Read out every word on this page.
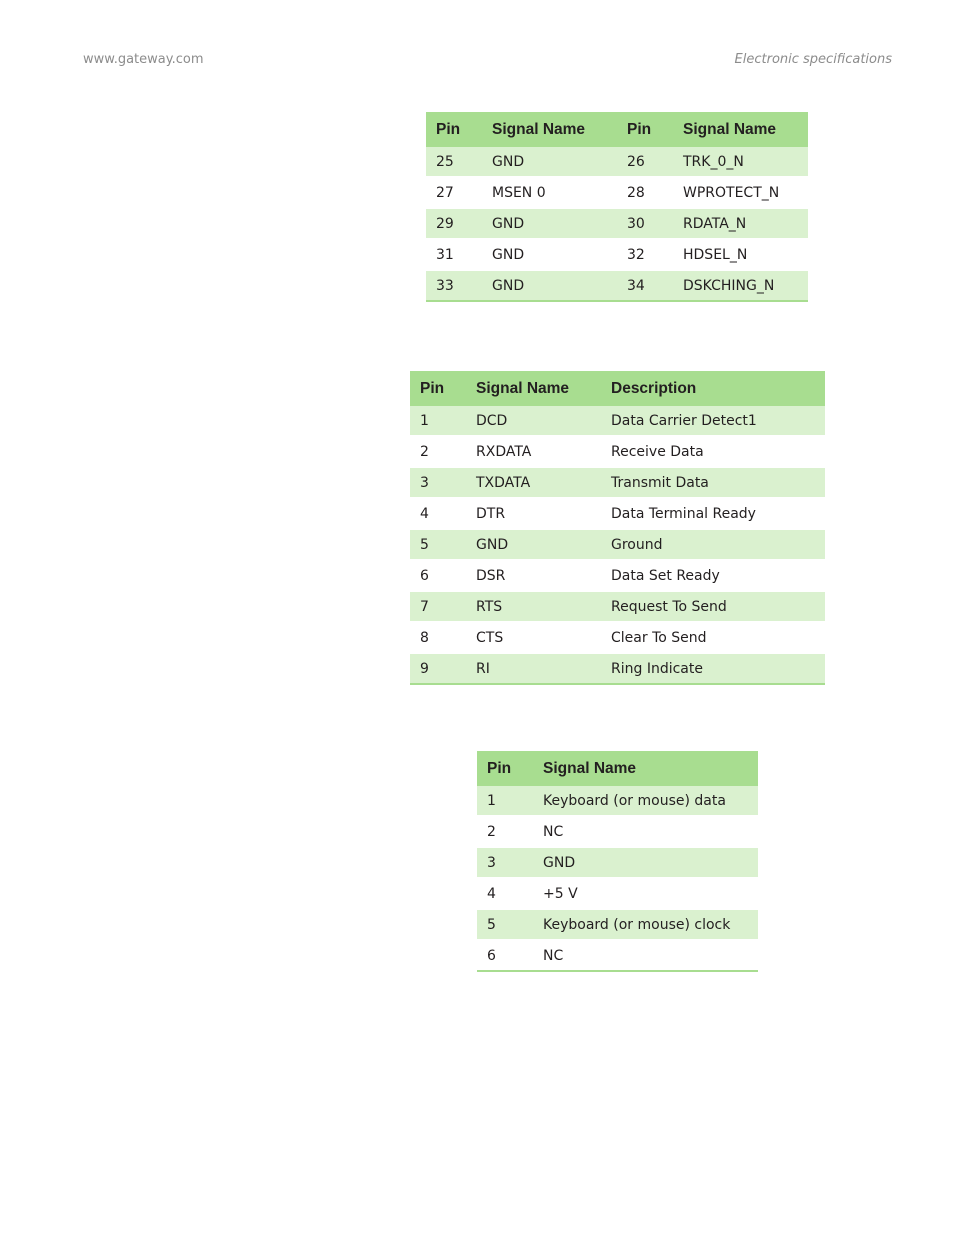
www.gateway.com	Electronic specifications
Pin	Signal Name	Pin	Signal Name
25	GND	26	TRK_0_N
27	MSEN 0	28	WPROTECT_N
29	GND	30	RDATA_N
31	GND	32	HDSEL_N
33	GND	34	DSKCHING_N
Pin	Signal Name	Description
1	DCD	Data Carrier Detect1
2	RXDATA	Receive Data
3	TXDATA	Transmit Data
4	DTR	Data Terminal Ready
5	GND	Ground
6	DSR	Data Set Ready
7	RTS	Request To Send
8	CTS	Clear To Send
9	RI	Ring Indicate
Pin	Signal Name
1	Keyboard (or mouse) data
2	NC
3	GND
4	+5 V
5	Keyboard (or mouse) clock
6	NC
